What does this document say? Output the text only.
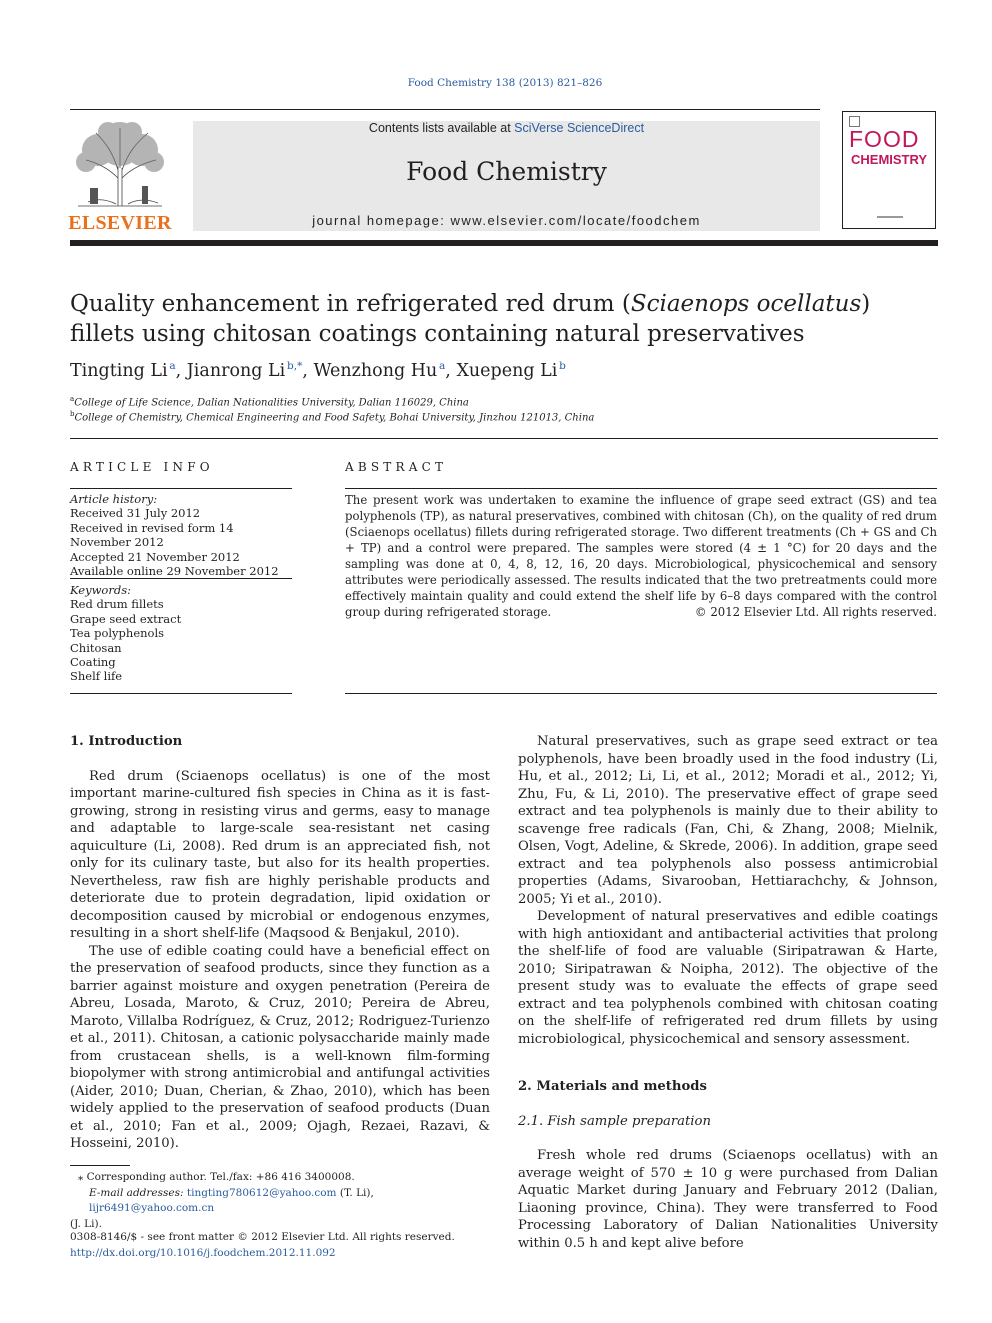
Food Chemistry 138 (2013) 821–826
ELSEVIER
Contents lists available at SciVerse ScienceDirect
Food Chemistry
journal homepage: www.elsevier.com/locate/foodchem
FOOD
CHEMISTRY
Quality enhancement in refrigerated red drum (Sciaenops ocellatus) fillets using chitosan coatings containing natural preservatives
Tingting Li  $^a$, Jianrong Li  $^{b,*}$, Wenzhong Hu  $^a$, Xuepeng Li  $^b$
$^a$College of Life Science, Dalian Nationalities University, Dalian 116029, China
$^b$College of Chemistry, Chemical Engineering and Food Safety, Bohai University, Jinzhou 121013, China
ARTICLE INFO
Article history:
Received 31 July 2012
Received in revised form 14 November 2012
Accepted 21 November 2012
Available online 29 November 2012
Keywords:
Red drum fillets
Grape seed extract
Tea polyphenols
Chitosan
Coating
Shelf life
ABSTRACT
The present work was undertaken to examine the influence of grape seed extract (GS) and tea polyphenols (TP), as natural preservatives, combined with chitosan (Ch), on the quality of red drum (Sciaenops ocellatus) fillets during refrigerated storage. Two different treatments (Ch + GS and Ch + TP) and a control were prepared. The samples were stored (4 ± 1 °C) for 20 days and the sampling was done at 0, 4, 8, 12, 16, 20 days. Microbiological, physicochemical and sensory attributes were periodically assessed. The results indicated that the two pretreatments could more effectively maintain quality and could extend the shelf life by 6–8 days compared with the control group during refrigerated storage.	© 2012 Elsevier Ltd. All rights reserved.
1. Introduction

Red drum (Sciaenops ocellatus) is one of the most important marine-cultured fish species in China as it is fast-growing, strong in resisting virus and germs, easy to manage and adaptable to large-scale sea-resistant net casing aquiculture (Li, 2008). Red drum is an appreciated fish, not only for its culinary taste, but also for its health properties. Nevertheless, raw fish are highly perishable products and deteriorate due to protein degradation, lipid oxidation or decomposition caused by microbial or endogenous enzymes, resulting in a short shelf-life (Maqsood & Benjakul, 2010).

The use of edible coating could have a beneficial effect on the preservation of seafood products, since they function as a barrier against moisture and oxygen penetration (Pereira de Abreu, Losada, Maroto, & Cruz, 2010; Pereira de Abreu, Maroto, Villalba Rodríguez, & Cruz, 2012; Rodriguez-Turienzo et al., 2011). Chitosan, a cationic polysaccharide mainly made from crustacean shells, is a well-known film-forming biopolymer with strong antimicrobial and antifungal activities (Aider, 2010; Duan, Cherian, & Zhao, 2010), which has been widely applied to the preservation of seafood products (Duan et al., 2010; Fan et al., 2009; Ojagh, Rezaei, Razavi, & Hosseini, 2010).

Natural preservatives, such as grape seed extract or tea polyphenols, have been broadly used in the food industry (Li, Hu, et al., 2012; Li, Li, et al., 2012; Moradi et al., 2012; Yi, Zhu, Fu, & Li, 2010). The preservative effect of grape seed extract and tea polyphenols is mainly due to their ability to scavenge free radicals (Fan, Chi, & Zhang, 2008; Mielnik, Olsen, Vogt, Adeline, & Skrede, 2006). In addition, grape seed extract and tea polyphenols also possess antimicrobial properties (Adams, Sivarooban, Hettiarachchy, & Johnson, 2005; Yi et al., 2010).

Development of natural preservatives and edible coatings with high antioxidant and antibacterial activities that prolong the shelf-life of food are valuable (Siripatrawan & Harte, 2010; Siripatrawan & Noipha, 2012). The objective of the present study was to evaluate the effects of grape seed extract and tea polyphenols combined with chitosan coating on the shelf-life of refrigerated red drum fillets by using microbiological, physicochemical and sensory assessment.

2. Materials and methods
2.1. Fish sample preparation

Fresh whole red drums (Sciaenops ocellatus) with an average weight of 570 ± 10 g were purchased from Dalian Aquatic Market during January and February 2012 (Dalian, Liaoning province, China). They were transferred to Food Processing Laboratory of Dalian Nationalities University within 0.5 h and kept alive before

⁎ Corresponding author. Tel./fax: +86 416 3400008.
E-mail addresses: tingting780612@yahoo.com (T. Li), lijr6491@yahoo.com.cn
(J. Li).
0308-8146/$ - see front matter © 2012 Elsevier Ltd. All rights reserved.
http://dx.doi.org/10.1016/j.foodchem.2012.11.092
